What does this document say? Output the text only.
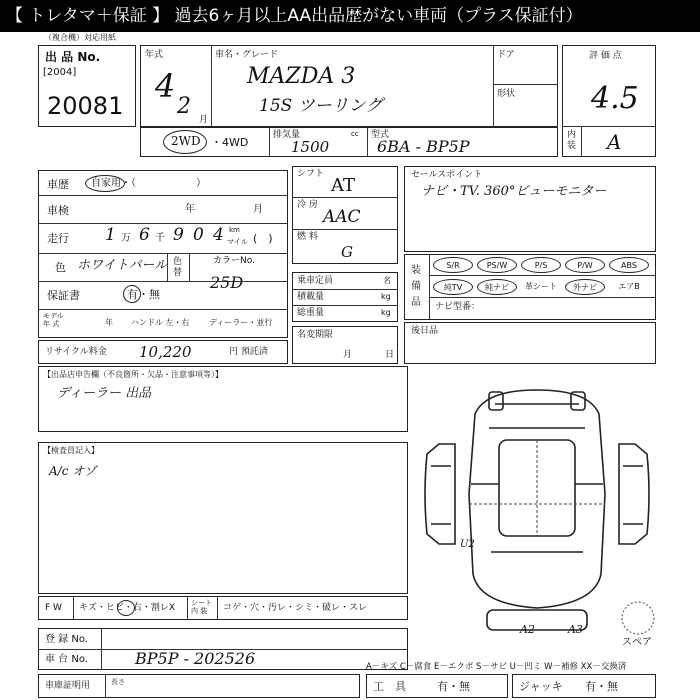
【 トレタマ＋保証 】 過去6ヶ月以上AA出品歴がない車両（プラス保証付）
（複合機）対応用紙
出 品 No.
[2004]
20081
年式
4
2
月
車名・グレード
MAZDA 3
15S ツーリング
ドア
形状
評 価 点
4.5
内
装 A
2WD ・4WD
排気量	cc
1500
型式
6BA - BP5P
車歴 自家用・（　　　　　　）
車検	年	月
走行 1 万 6 千 9 0 4 km
マイル (　)
色 ホワイトパール 色
替
カラーNo.
保証書	有・無
モデル
年 式	年 ハンドル 左・右 ディーラー・並行
25D
リサイクル料金 10,220	円 預託済
シフト
AT
冷 房
AAC
燃 料
G
乗車定員	名
積載量	kg
総重量	kg
名変期限
月	日
セールスポイント
ナビ・TV. 360°ビューモニター
装
備
品 ナビ型番：
S/R	PS/W	P/S	P/W	ABS
純TV	純ナビ	革シート	外ナビ	エアB
後日品
【出品店申告欄（不良箇所・欠品・注意事項等）】
ディーラー 出品
【検査員記入】
A/c オゾ
F W キズ・ヒビ・右・割レX シート
内 装	コゲ・穴・汚レ・シミ・破レ・スレ
登 録 No.
車 台 No.	BP5P - 202526
車庫証明用	長さ
U2
A2	A3
スペア
A－キズ C－腐食 E－エクボ S－サビ U－凹ミ W－補修 XX－交換済
工　具	有・無	ジャッキ 有・無
